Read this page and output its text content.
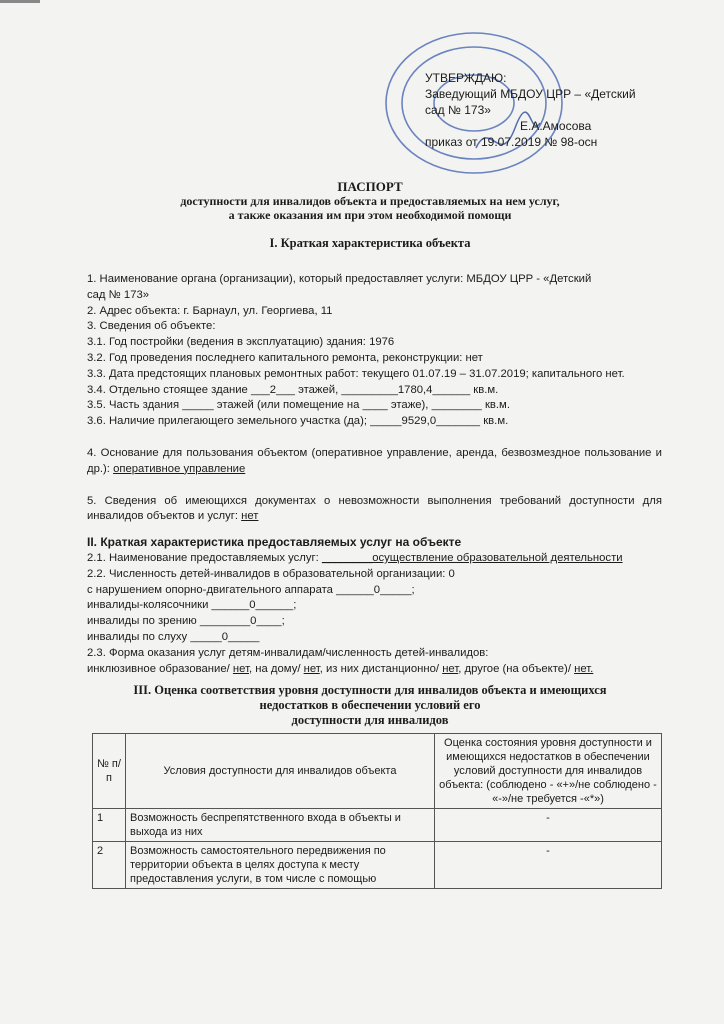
УТВЕРЖДАЮ:
Заведующий МБДОУ ЦРР – «Детский
сад № 173»
Е.А.Амосова
приказ от 19.07.2019 № 98-осн
ПАСПОРТ
доступности для инвалидов объекта и предоставляемых на нем услуг,
а также оказания им при этом необходимой помощи
I. Краткая характеристика объекта

1. Наименование органа (организации), который предоставляет услуги: МБДОУ ЦРР - «Детский

сад № 173»

2. Адрес объекта: г. Барнаул, ул. Георгиева, 11

3. Сведения об объекте:

3.1. Год постройки (ведения в эксплуатацию) здания: 1976

3.2. Год проведения последнего капитального ремонта, реконструкции: нет

3.3. Дата предстоящих плановых ремонтных работ: текущего 01.07.19 – 31.07.2019; капитального нет.

3.4. Отдельно стоящее здание ___2___ этажей, _________1780,4______ кв.м.

3.5. Часть здания _____ этажей (или помещение на ____ этаже), ________ кв.м.

3.6. Наличие прилегающего земельного участка (да); _____9529,0_______ кв.м.

4. Основание для пользования объектом (оперативное управление, аренда, безвозмездное пользование и др.): оперативное управление

5. Сведения об имеющихся документах о невозможности выполнения требований доступности для инвалидов объектов и услуг: нет

II. Краткая характеристика предоставляемых услуг на объекте

2.1. Наименование предоставляемых услуг: ________осуществление образовательной деятельности

2.2. Численность детей-инвалидов в образовательной организации: 0

с нарушением опорно-двигательного аппарата ______0_____;

инвалиды-колясочники ______0______;

инвалиды по зрению ________0____;

инвалиды по слуху _____0_____

2.3. Форма оказания услуг детям-инвалидам/численность детей-инвалидов:

инклюзивное образование/ нет, на дому/ нет, из них дистанционно/ нет, другое (на объекте)/ нет.

III. Оценка соответствия уровня доступности для инвалидов объекта и имеющихся
недостатков в обеспечении условий его
доступности для инвалидов
№ п/п	Условия доступности для инвалидов объекта	Оценка состояния уровня доступности и имеющихся недостатков в обеспечении условий доступности для инвалидов объекта: (соблюдено - «+»/не соблюдено - «-»/не требуется -«*»)
1	Возможность беспрепятственного входа в объекты и выхода из них	-
2	Возможность самостоятельного передвижения по территории объекта в целях доступа к месту предоставления услуги, в том числе с помощью	-
